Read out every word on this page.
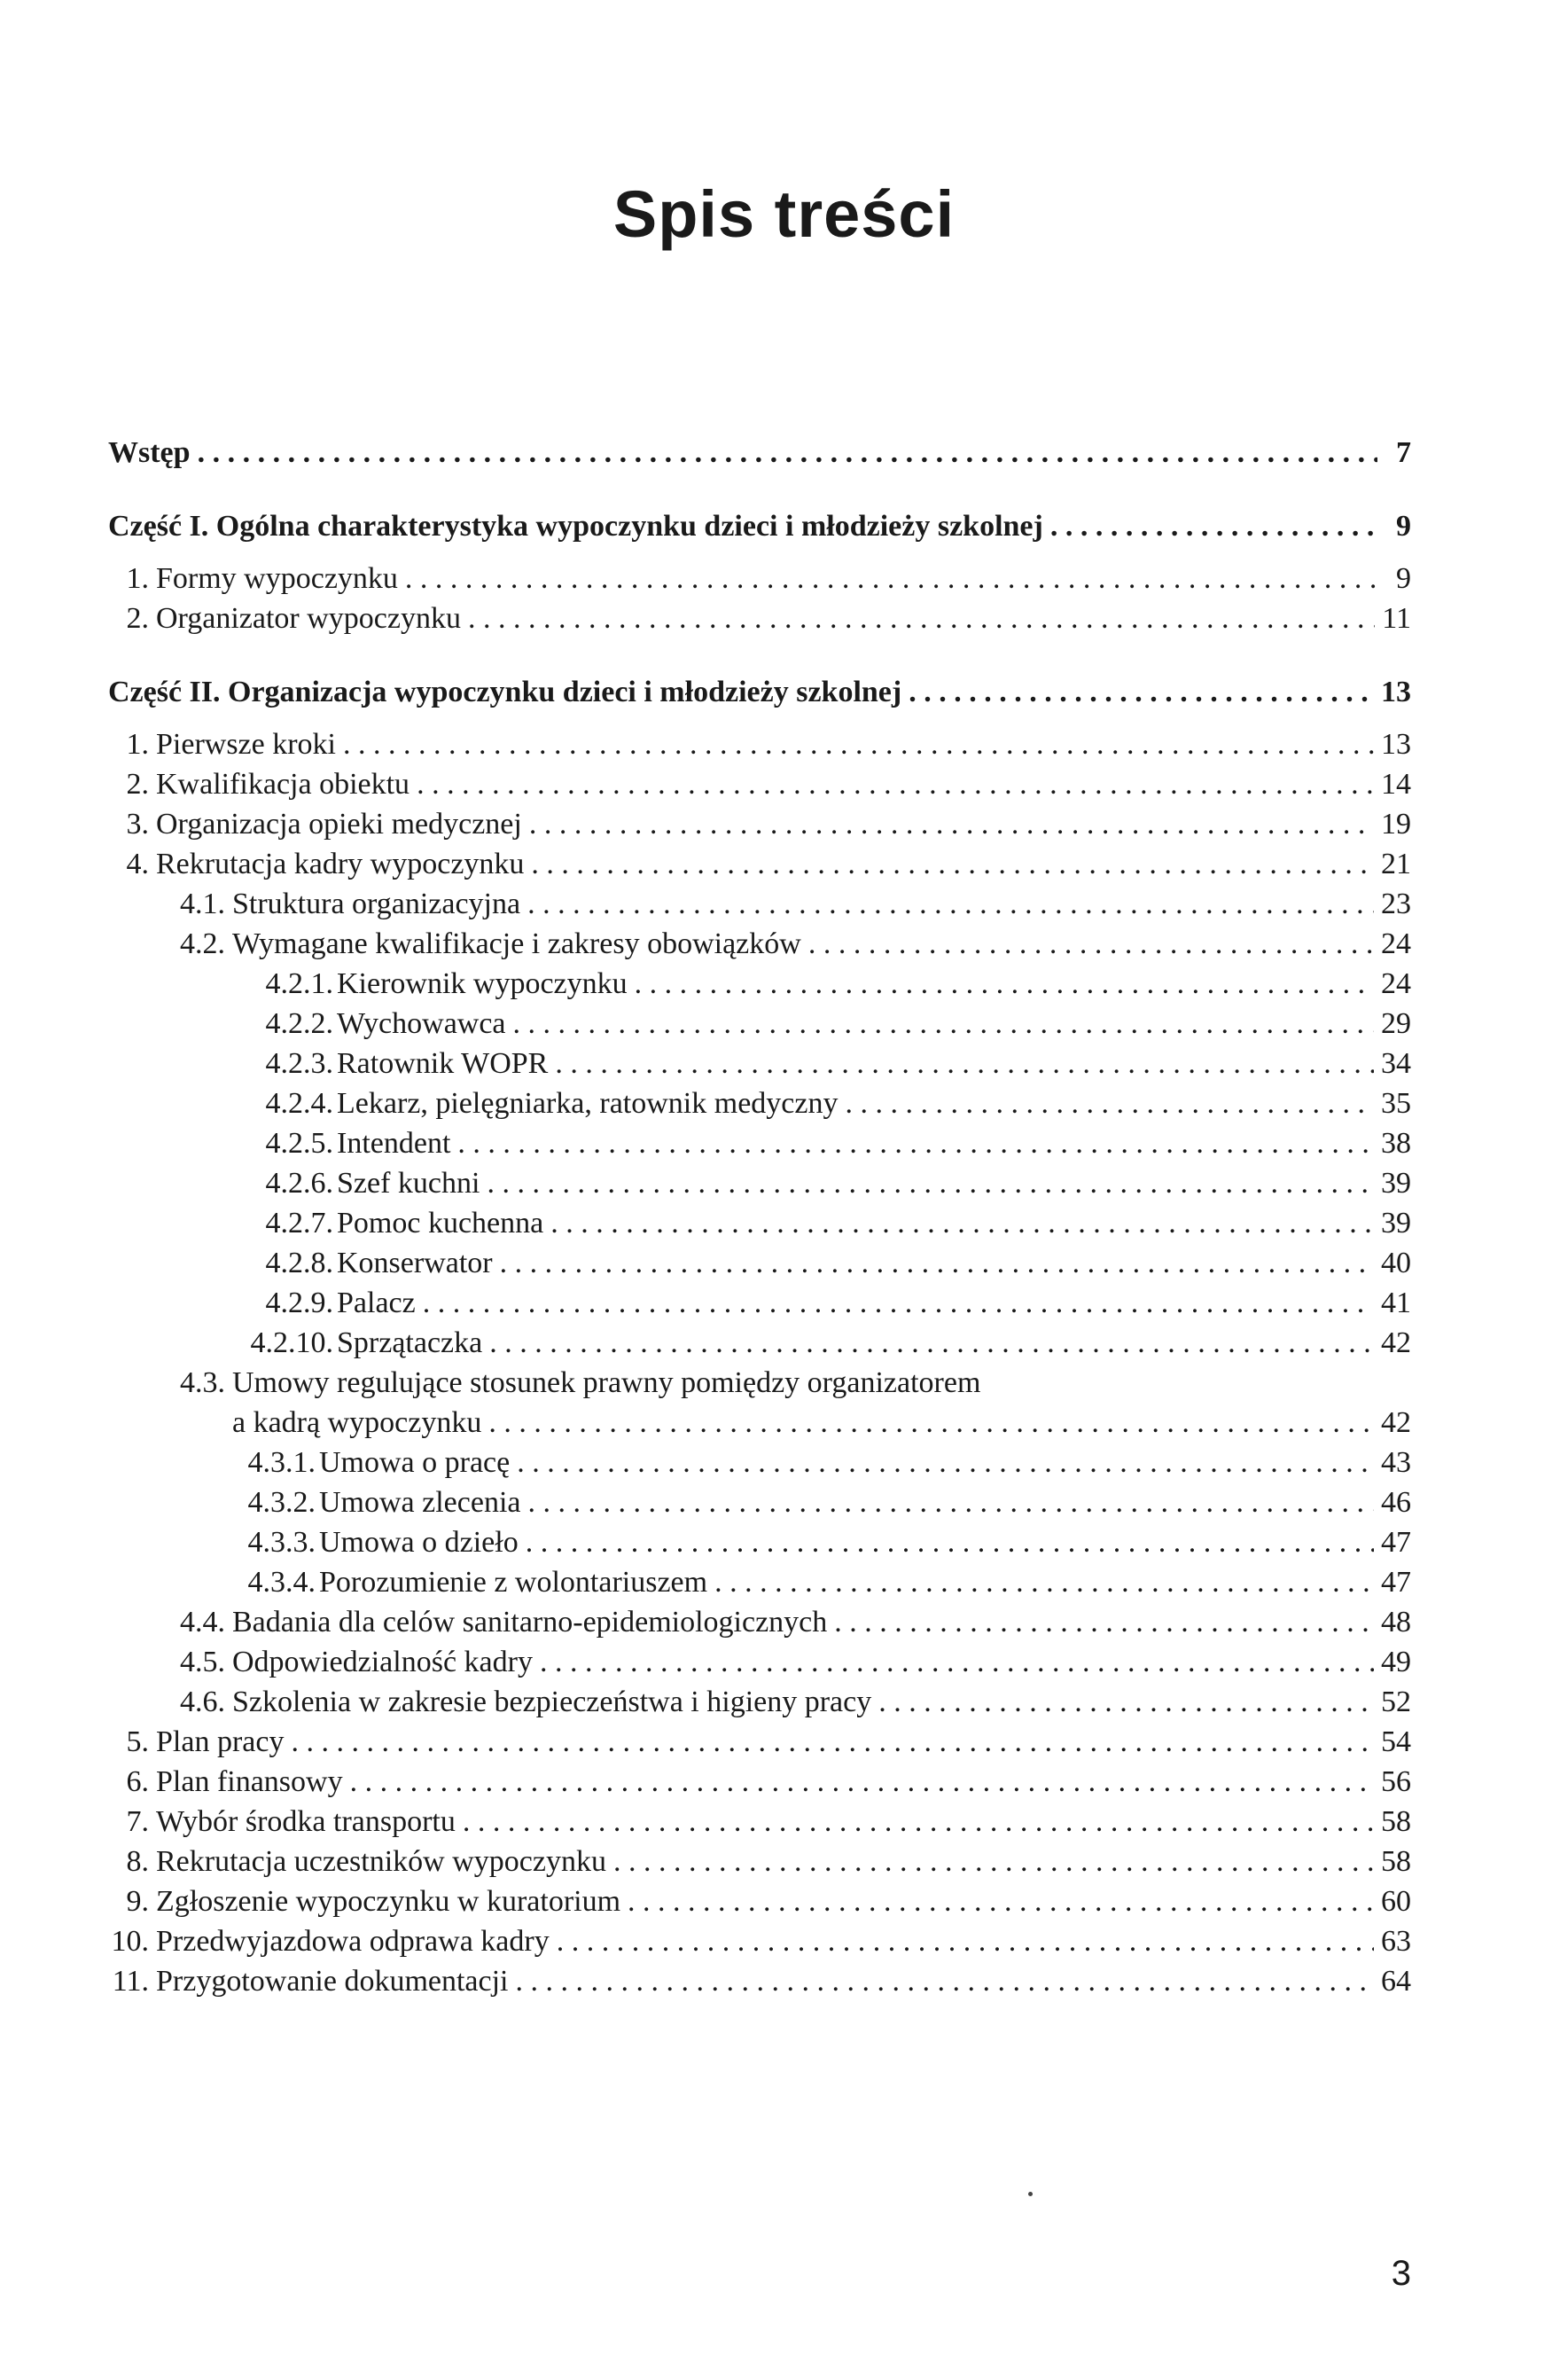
Spis treści
Wstęp . . .	7
Część I. Ogólna charakterystyka wypoczynku dzieci i młodzieży szkolnej . . .	9
1. Formy wypoczynku . . .	9
2. Organizator wypoczynku . . .	11
Część II. Organizacja wypoczynku dzieci i młodzieży szkolnej . . .	13
1. Pierwsze kroki . . .	13
2. Kwalifikacja obiektu . . .	14
3. Organizacja opieki medycznej . . .	19
4. Rekrutacja kadry wypoczynku . . .	21
4.1. Struktura organizacyjna . . .	23
4.2. Wymagane kwalifikacje i zakresy obowiązków . . .	24
4.2.1. Kierownik wypoczynku . . .	24
4.2.2. Wychowawca . . .	29
4.2.3. Ratownik WOPR . . .	34
4.2.4. Lekarz, pielęgniarka, ratownik medyczny . . .	35
4.2.5. Intendent . . .	38
4.2.6. Szef kuchni . . .	39
4.2.7. Pomoc kuchenna . . .	39
4.2.8. Konserwator . . .	40
4.2.9. Palacz . . .	41
4.2.10. Sprzątaczka . . .	42
4.3. Umowy regulujące stosunek prawny pomiędzy organizatorem
a kadrą wypoczynku . . .	42
4.3.1. Umowa o pracę . . .	43
4.3.2. Umowa zlecenia . . .	46
4.3.3. Umowa o dzieło . . .	47
4.3.4. Porozumienie z wolontariuszem . . .	47
4.4. Badania dla celów sanitarno-epidemiologicznych . . .	48
4.5. Odpowiedzialność kadry . . .	49
4.6. Szkolenia w zakresie bezpieczeństwa i higieny pracy . . .	52
5. Plan pracy . . .	54
6. Plan finansowy . . .	56
7. Wybór środka transportu . . .	58
8. Rekrutacja uczestników wypoczynku . . .	58
9. Zgłoszenie wypoczynku w kuratorium . . .	60
10. Przedwyjazdowa odprawa kadry . . .	63
11. Przygotowanie dokumentacji . . .	64
3
